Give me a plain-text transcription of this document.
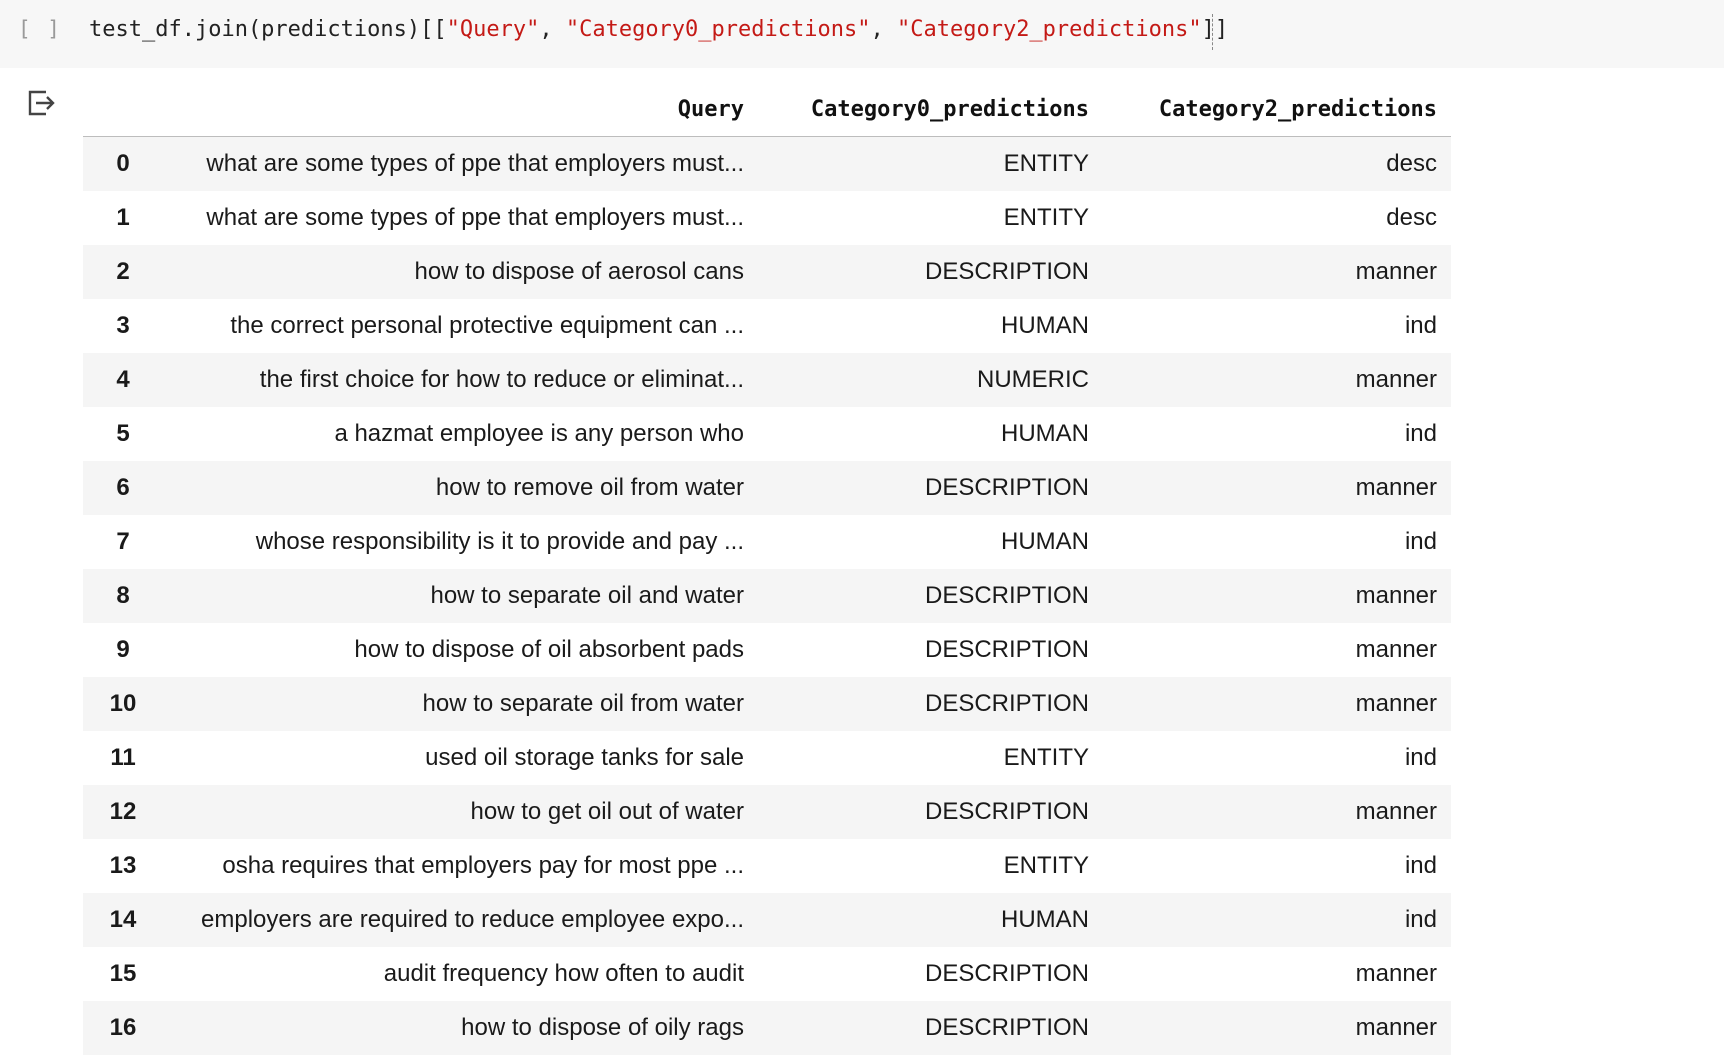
[ ] test_df.join(predictions)[["Query", "Category0_predictions", "Category2_predictions"]]
	Query	Category0_predictions	Category2_predictions
0	what are some types of ppe that employers must...	ENTITY	desc
1	what are some types of ppe that employers must...	ENTITY	desc
2	how to dispose of aerosol cans	DESCRIPTION	manner
3	the correct personal protective equipment can ...	HUMAN	ind
4	the first choice for how to reduce or eliminat...	NUMERIC	manner
5	a hazmat employee is any person who	HUMAN	ind
6	how to remove oil from water	DESCRIPTION	manner
7	whose responsibility is it to provide and pay ...	HUMAN	ind
8	how to separate oil and water	DESCRIPTION	manner
9	how to dispose of oil absorbent pads	DESCRIPTION	manner
10	how to separate oil from water	DESCRIPTION	manner
11	used oil storage tanks for sale	ENTITY	ind
12	how to get oil out of water	DESCRIPTION	manner
13	osha requires that employers pay for most ppe ...	ENTITY	ind
14	employers are required to reduce employee expo...	HUMAN	ind
15	audit frequency how often to audit	DESCRIPTION	manner
16	how to dispose of oily rags	DESCRIPTION	manner
